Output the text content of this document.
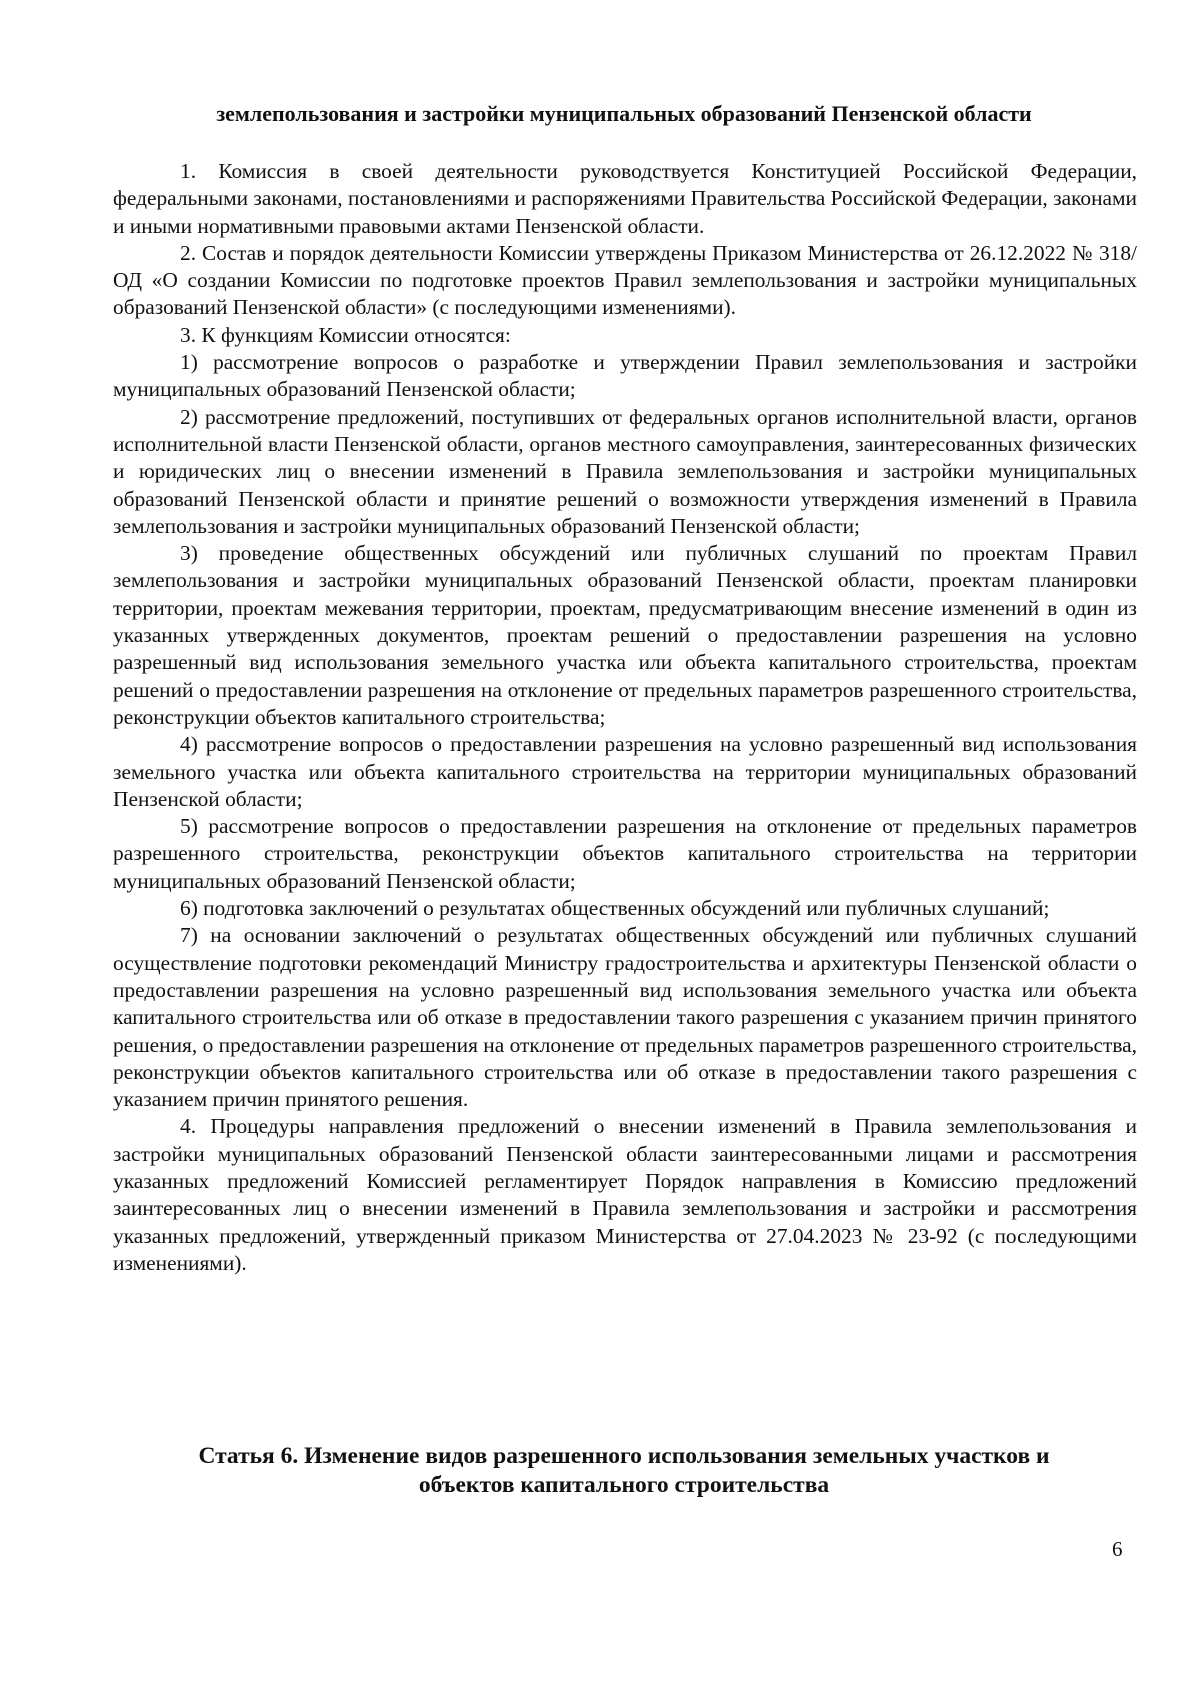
землепользования и застройки муниципальных образований Пензенской области

1. Комиссия в своей деятельности руководствуется Конституцией Российской Федерации, федеральными законами, постановлениями и распоряжениями Правительства Российской Федерации, законами и иными нормативными правовыми актами Пензенской области.

2. Состав и порядок деятельности Комиссии утверждены Приказом Министерства от 26.12.2022 № 318/ОД «О создании Комиссии по подготовке проектов Правил землепользования и застройки муниципальных образований Пензенской области» (с последующими изменениями).

3. К функциям Комиссии относятся:

1) рассмотрение вопросов о разработке и утверждении Правил землепользования и застройки муниципальных образований Пензенской области;

2) рассмотрение предложений, поступивших от федеральных органов исполнительной власти, органов исполнительной власти Пензенской области, органов местного самоуправления, заинтересованных физических и юридических лиц о внесении изменений в Правила землепользования и застройки муниципальных образований Пензенской области и принятие решений о возможности утверждения изменений в Правила землепользования и застройки муниципальных образований Пензенской области;

3) проведение общественных обсуждений или публичных слушаний по проектам Правил землепользования и застройки муниципальных образований Пензенской области, проектам планировки территории, проектам межевания территории, проектам, предусматривающим внесение изменений в один из указанных утвержденных документов, проектам решений о предоставлении разрешения на условно разрешенный вид использования земельного участка или объекта капитального строительства, проектам решений о предоставлении разрешения на отклонение от предельных параметров разрешенного строительства, реконструкции объектов капитального строительства;

4) рассмотрение вопросов о предоставлении разрешения на условно разрешенный вид использования земельного участка или объекта капитального строительства на территории муниципальных образований Пензенской области;

5) рассмотрение вопросов о предоставлении разрешения на отклонение от предельных параметров разрешенного строительства, реконструкции объектов капитального строительства на территории муниципальных образований Пензенской области;

6) подготовка заключений о результатах общественных обсуждений или публичных слушаний;

7) на основании заключений о результатах общественных обсуждений или публичных слушаний осуществление подготовки рекомендаций Министру градостроительства и архитектуры Пензенской области о предоставлении разрешения на условно разрешенный вид использования земельного участка или объекта капитального строительства или об отказе в предоставлении такого разрешения с указанием причин принятого решения, о предоставлении разрешения на отклонение от предельных параметров разрешенного строительства, реконструкции объектов капитального строительства или об отказе в предоставлении такого разрешения с указанием причин принятого решения.

4. Процедуры направления предложений о внесении изменений в Правила землепользования и застройки муниципальных образований Пензенской области заинтересованными лицами и рассмотрения указанных предложений Комиссией регламентирует Порядок направления в Комиссию предложений заинтересованных лиц о внесении изменений в Правила землепользования и застройки и рассмотрения указанных предложений, утвержденный приказом Министерства от 27.04.2023 № 23-92 (с последующими изменениями).

Статья 6. Изменение видов разрешенного использования земельных участков и
объектов капитального строительства
6
